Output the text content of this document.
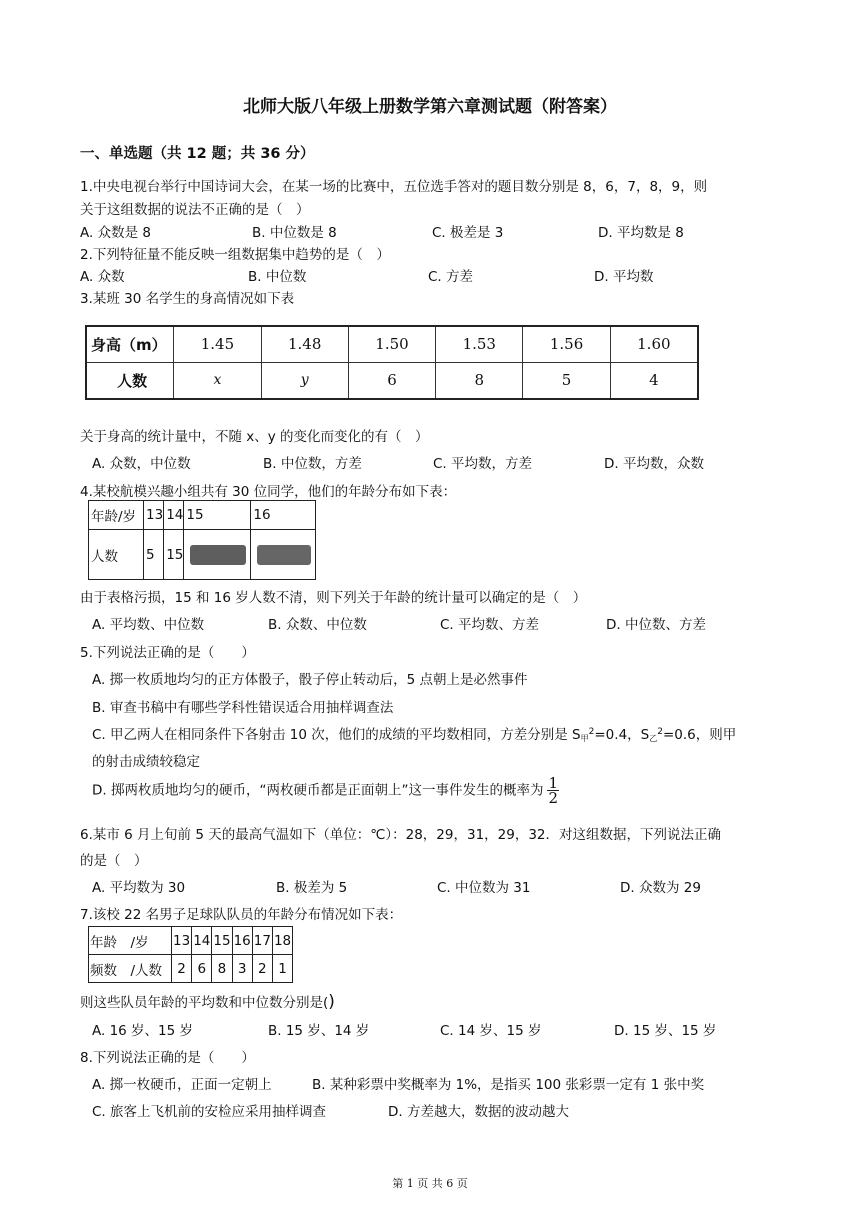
北师大版八年级上册数学第六章测试题（附答案）
一、单选题（共 12 题；共 36 分）
1.中央电视台举行中国诗词大会，在某一场的比赛中，五位选手答对的题目数分别是 8，6，7，8，9，则
关于这组数据的说法不正确的是（　）
A. 众数是 8	B. 中位数是 8	C. 极差是 3	D. 平均数是 8
2.下列特征量不能反映一组数据集中趋势的是（　）
A. 众数	B. 中位数	C. 方差	D. 平均数
3.某班 30 名学生的身高情况如下表
身高（m）	1.45	1.48	1.50	1.53	1.56	1.60
人数	x	y	6	8	5	4
关于身高的统计量中，不随 x、y 的变化而变化的有（　）
A. 众数，中位数	B. 中位数，方差	C. 平均数，方差	D. 平均数，众数
4.某校航模兴趣小组共有 30 位同学，他们的年龄分布如下表：
年龄/岁	13	14	15	16
人数	5	15	

由于表格污损，15 和 16 岁人数不清，则下列关于年龄的统计量可以确定的是（　）
A. 平均数、中位数	B. 众数、中位数	C. 平均数、方差	D. 中位数、方差
5.下列说法正确的是（　　）
A. 掷一枚质地均匀的正方体骰子，骰子停止转动后，5 点朝上是必然事件
B. 审查书稿中有哪些学科性错误适合用抽样调查法
C. 甲乙两人在相同条件下各射击 10 次，他们的成绩的平均数相同，方差分别是 $S_甲^2=0.4$，$S_乙^2=0.6$，则甲
的射击成绩较稳定
D. 掷两枚质地均匀的硬币，“两枚硬币都是正面朝上”这一事件发生的概率为 $\frac{1}{2}$
6.某市 6 月上旬前 5 天的最高气温如下（单位：℃）：28，29，31，29，32．对这组数据，下列说法正确
的是（　）
A. 平均数为 30	B. 极差为 5	C. 中位数为 31	D. 众数为 29
7.该校 22 名男子足球队队员的年龄分布情况如下表：
年龄　/岁	13	14	15	16	17	18
频数　/人数	2	6	8	3	2	1
则这些队员年龄的平均数和中位数分别是()
A. 16 岁、15 岁	B. 15 岁、14 岁	C. 14 岁、15 岁	D. 15 岁、15 岁
8.下列说法正确的是（　　）
A. 掷一枚硬币，正面一定朝上	B. 某种彩票中奖概率为 1%，是指买 100 张彩票一定有 1 张中奖
C. 旅客上飞机前的安检应采用抽样调查	D. 方差越大，数据的波动越大
第 1 页 共 6 页
